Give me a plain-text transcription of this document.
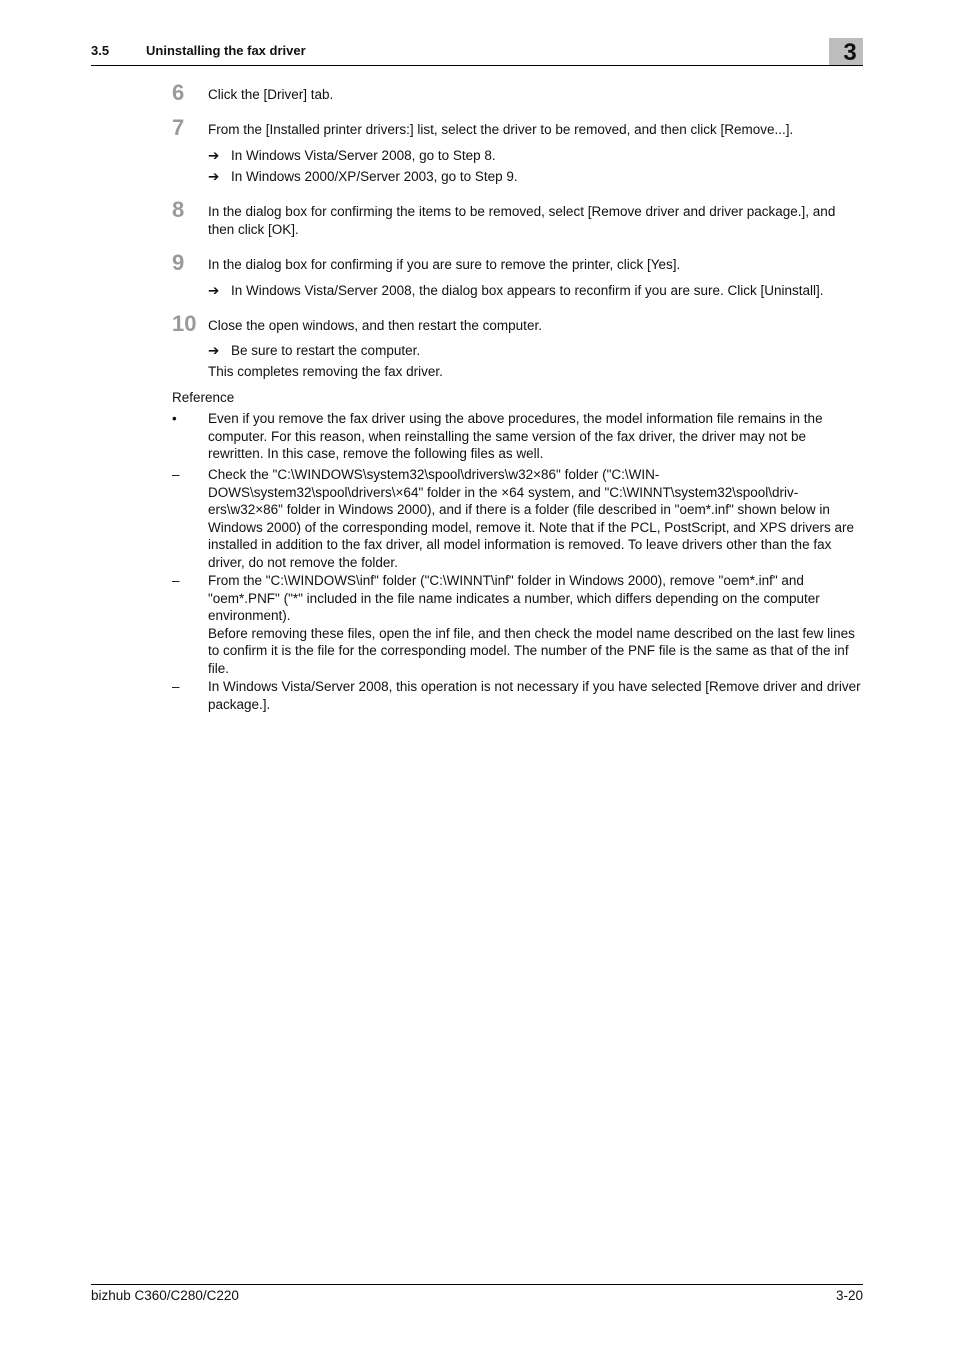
3.5	Uninstalling the fax driver	3
6 Click the [Driver] tab.
7 From the [Installed printer drivers:] list, select the driver to be removed, and then click [Remove...].
➔ In Windows Vista/Server 2008, go to Step 8.
➔ In Windows 2000/XP/Server 2003, go to Step 9.
8 In the dialog box for confirming the items to be removed, select [Remove driver and driver package.], and then click [OK].
9 In the dialog box for confirming if you are sure to remove the printer, click [Yes].
➔ In Windows Vista/Server 2008, the dialog box appears to reconfirm if you are sure. Click [Uninstall].
10 Close the open windows, and then restart the computer.
➔ Be sure to restart the computer.
This completes removing the fax driver.
Reference
•	Even if you remove the fax driver using the above procedures, the model information file remains in the computer. For this reason, when reinstalling the same version of the fax driver, the driver may not be rewritten. In this case, remove the following files as well.

–	Check the "C:\WINDOWS\system32\spool\drivers\w32×86" folder ("C:\WIN-DOWS\system32\spool\drivers\×64" folder in the ×64 system, and "C:\WINNT\system32\spool\driv-ers\w32×86" folder in Windows 2000), and if there is a folder (file described in "oem*.inf" shown below in Windows 2000) of the corresponding model, remove it. Note that if the PCL, PostScript, and XPS drivers are installed in addition to the fax driver, all model information is removed. To leave drivers other than the fax driver, do not remove the folder.

–	From the "C:\WINDOWS\inf" folder ("C:\WINNT\inf" folder in Windows 2000), remove "oem*.inf" and "oem*.PNF" ("*" included in the file name indicates a number, which differs depending on the computer environment).

Before removing these files, open the inf file, and then check the model name described on the last few lines to confirm it is the file for the corresponding model. The number of the PNF file is the same as that of the inf file.

–	In Windows Vista/Server 2008, this operation is not necessary if you have selected [Remove driver and driver package.].

bizhub C360/C280/C220	3-20
